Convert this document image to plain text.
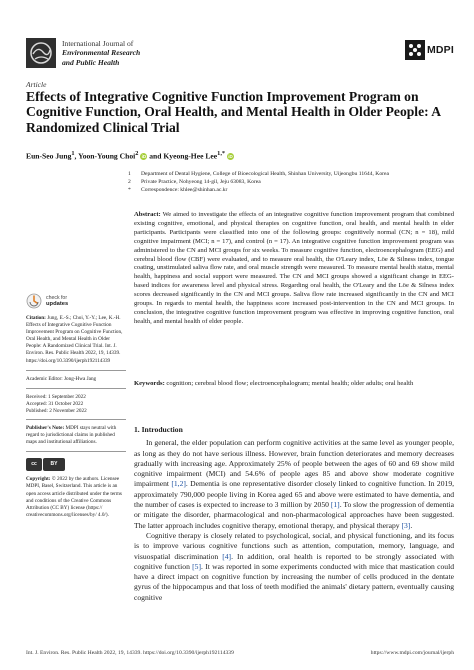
International Journal of
Environmental Research
and Public Health
MDPI
Article
Effects of Integrative Cognitive Function Improvement Program on Cognitive Function, Oral Health, and Mental Health in Older People: A Randomized Clinical Trial
Eun-Seo Jung$^1$, Yoon-Young Choi$^2$ iD and Kyeong-Hee Lee$^{1,*}$ iD
1	Department of Dental Hygiene, College of Bioecological Health, Shinhan University, Uijeongbu 11644, Korea
2	Private Practice, Nohyeong 14-gil, Jeju 63083, Korea
*	Correspondence: khlee@shinhan.ac.kr
Abstract: We aimed to investigate the effects of an integrative cognitive function improvement program that combined existing cognitive, emotional, and physical therapies on cognitive function, oral health, and mental health in elder participants. Participants were classified into one of the following groups: cognitively normal (CN; n = 18), mild cognitive impairment (MCI; n = 17), and control (n = 17). An integrative cognitive function improvement program was administered to the CN and MCI groups for six weeks. To measure cognitive function, electroencephalogram (EEG) and cerebral blood flow (CBF) were evaluated, and to measure oral health, the O'Leary index, Löe & Silness index, tongue coating, unstimulated saliva flow rate, and oral muscle strength were measured. To measure mental health status, mental health, happiness and social support were measured. The CN and MCI groups showed a significant change in EEG-based indices for awareness level and physical stress. Regarding oral health, the O'Leary and the Löe & Silness index scores decreased significantly in the CN and MCI groups. Saliva flow rate increased significantly in the CN and MCI groups. In regards to mental health, the happiness score increased post-intervention in the CN and MCI groups. In conclusion, the integrative cognitive function improvement program was effective in improving cognitive function, oral health, and mental health of elder people.
Keywords: cognition; cerebral blood flow; electroencephalogram; mental health; older adults; oral health
check for
updates

Citation: Jung, E.-S.; Choi, Y.-Y.; Lee, K.-H. Effects of Integrative Cognitive Function Improvement Program on Cognitive Function, Oral Health, and Mental Health in Older People: A Randomized Clinical Trial. Int. J. Environ. Res. Public Health 2022, 19, 14339. https://doi.org/10.3390/ijerph192114339

Academic Editor: Jong-Hwa Jang

Received: 1 September 2022
Accepted: 31 October 2022
Published: 2 November 2022

Publisher's Note: MDPI stays neutral with regard to jurisdictional claims in published maps and institutional affiliations.

cc	BY

Copyright: © 2022 by the authors. Licensee MDPI, Basel, Switzerland. This article is an open access article distributed under the terms and conditions of the Creative Commons Attribution (CC BY) license (https:// creativecommons.org/licenses/by/ 4.0/).

1. Introduction

In general, the elder population can perform cognitive activities at the same level as younger people, as long as they do not have serious illness. However, brain function deteriorates and memory decreases gradually with increasing age. Approximately 25% of people between the ages of 60 and 69 show mild cognitive impairment (MCI) and 54.6% of people ages 85 and above show moderate cognitive impairment [1,2]. Dementia is one representative disorder closely linked to cognitive function. In 2019, approximately 790,000 people living in Korea aged 65 and above were estimated to have dementia, and the number of cases is expected to increase to 3 million by 2050 [1]. To slow the progression of dementia or mitigate the disorder, pharmacological and non-pharmacological approaches have been suggested. The latter approach includes cognitive therapy, emotional therapy, and physical therapy [3].

Cognitive therapy is closely related to psychological, social, and physical functioning, and its focus is to improve various cognitive functions such as attention, computation, memory, language, and visuospatial discrimination [4]. In addition, oral health is reported to be strongly associated with cognitive function [5]. It was reported in some experiments conducted with mice that mastication could have a direct impact on cognitive function by increasing the number of cells produced in the dentate gyrus of the hippocampus and that loss of teeth modified the animals' dietary pattern, eventually causing cognitive

Int. J. Environ. Res. Public Health 2022, 19, 14339. https://doi.org/10.3390/ijerph192114339	https://www.mdpi.com/journal/ijerph
